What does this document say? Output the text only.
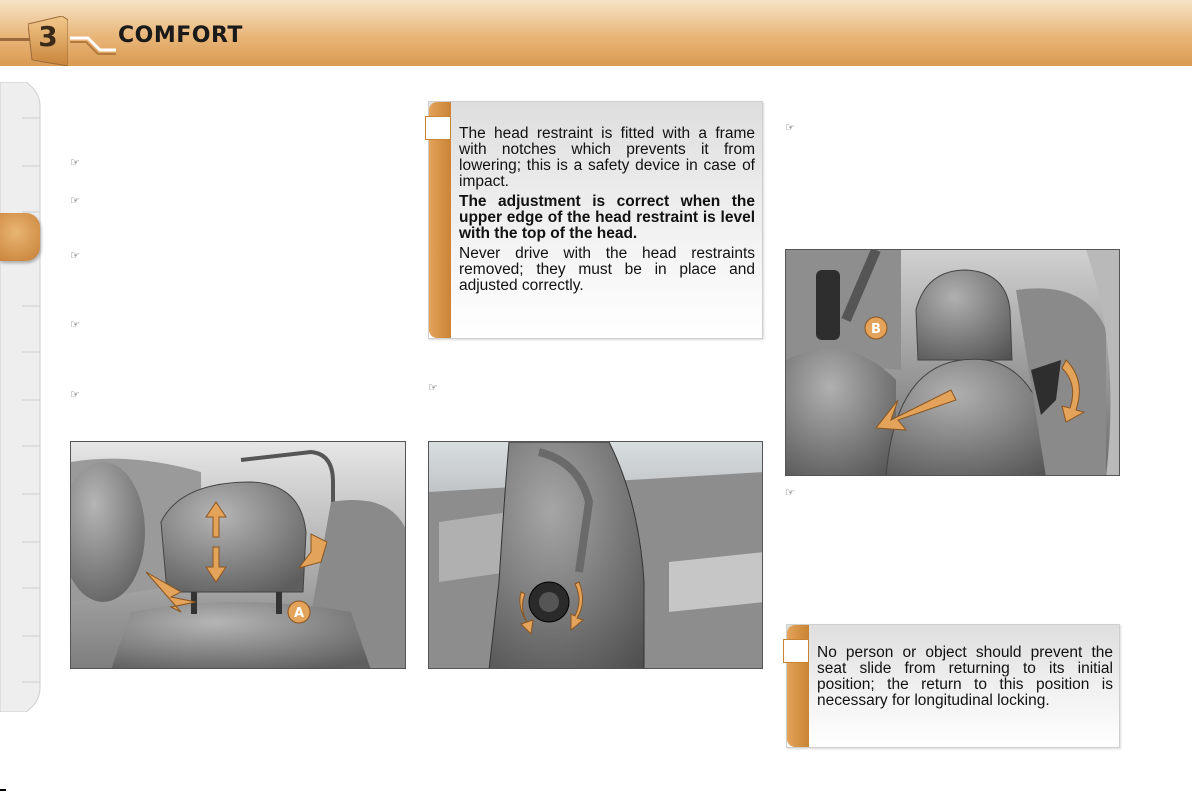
3	COMFORT
☞
☞
☞
☞
☞
☞
☞
☞

The head restraint is fitted with a frame with notches which prevents it from lowering; this is a safety device in case of impact.

The adjustment is correct when the upper edge of the head restraint is level with the top of the head.

Never drive with the head restraints removed; they must be in place and adjusted correctly.

No person or object should prevent the seat slide from returning to its initial position; the return to this position is necessary for longitudinal locking.

A
B
